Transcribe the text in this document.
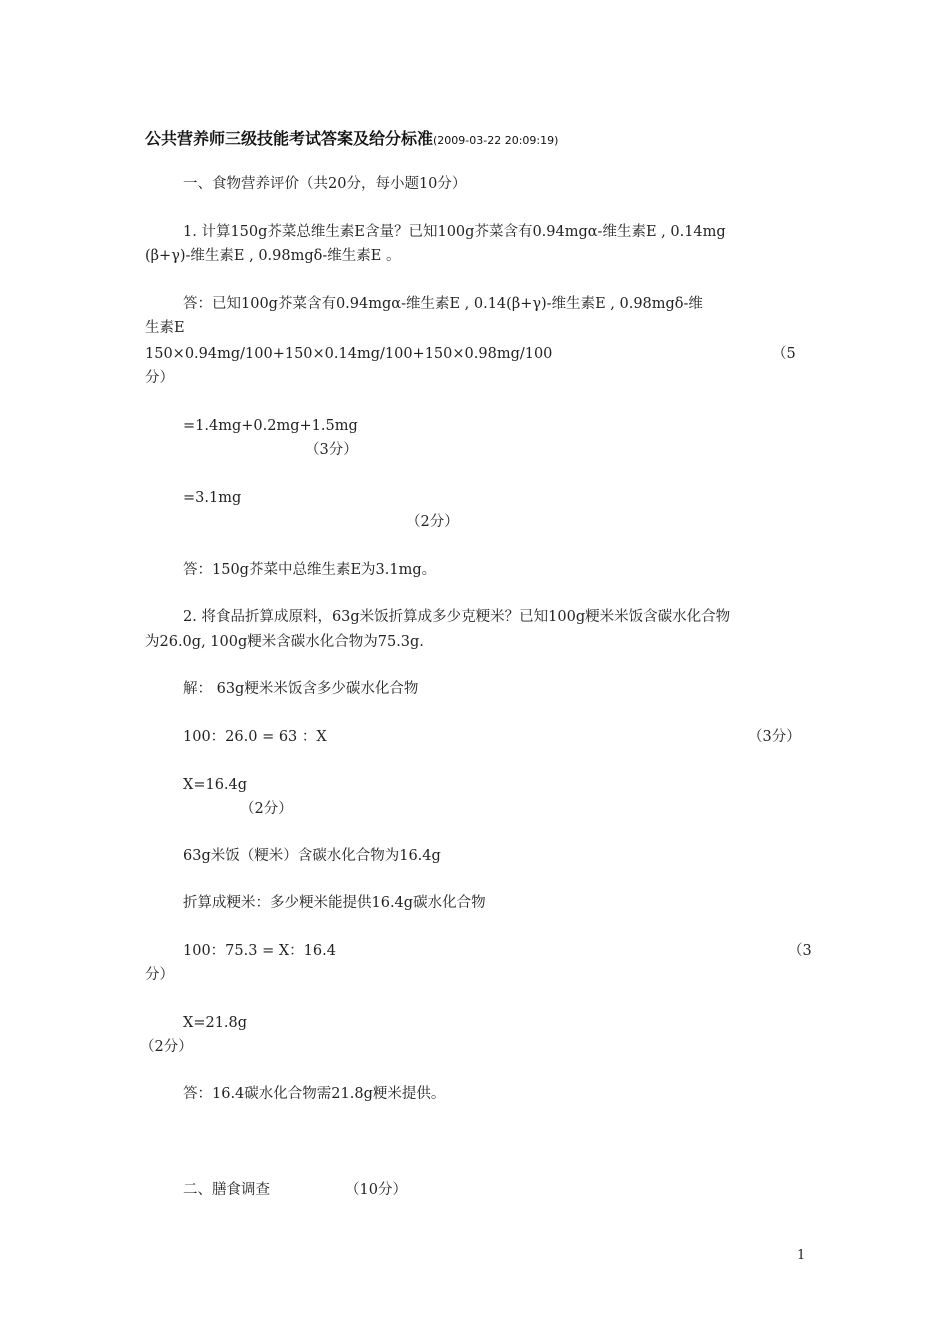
公共营养师三级技能考试答案及给分标准(2009-03-22 20:09:19)
一、食物营养评价（共20分，每小题10分）
1. 计算150g芥菜总维生素E含量？已知100g芥菜含有0.94mgα-维生素E , 0.14mg
(β+γ)-维生素E , 0.98mgδ-维生素E 。
答：已知100g芥菜含有0.94mgα-维生素E , 0.14(β+γ)-维生素E , 0.98mgδ-维
生素E
150×0.94mg/100+150×0.14mg/100+150×0.98mg/100	（5
分）
=1.4mg+0.2mg+1.5mg
（3分）
=3.1mg
（2分）
答：150g芥菜中总维生素E为3.1mg。
2. 将食品折算成原料，63g米饭折算成多少克粳米？已知100g粳米米饭含碳水化合物
为26.0g, 100g粳米含碳水化合物为75.3g.
解： 63g粳米米饭含多少碳水化合物
100：26.0 = 63 ：X	（3分）
X=16.4g
（2分）
63g米饭（粳米）含碳水化合物为16.4g
折算成粳米：多少粳米能提供16.4g碳水化合物
100：75.3 = X：16.4	（3
分）
X=21.8g
（2分）
答：16.4碳水化合物需21.8g粳米提供。
二、膳食调查	（10分）
1
